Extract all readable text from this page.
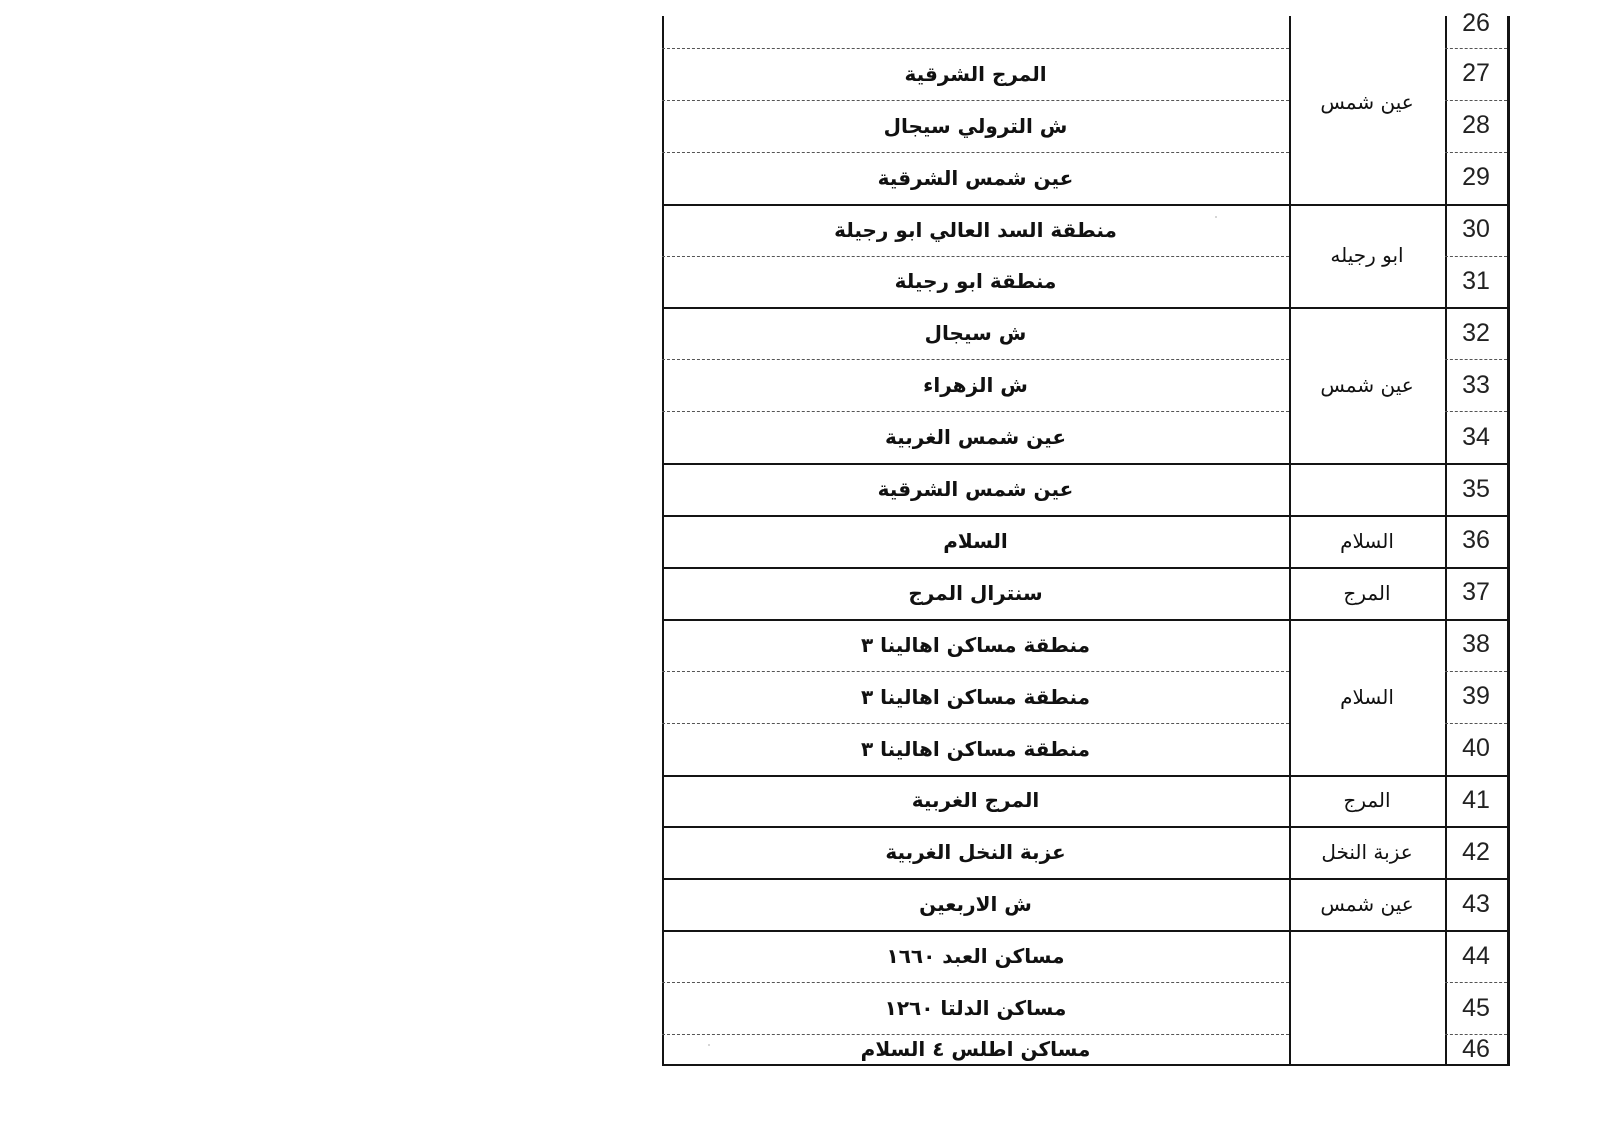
26
27
المرج الشرقية
28
ش الترولي سيجال
29
عين شمس الشرقية
30
منطقة السد العالي ابو رجيلة
31
منطقة ابو رجيلة
32
ش سيجال
33
ش الزهراء
34
عين شمس الغربية
35
عين شمس الشرقية
36
السلام
37
سنترال المرج
38
منطقة مساكن اهالينا ٣
39
منطقة مساكن اهالينا ٣
40
منطقة مساكن اهالينا ٣
41
المرج الغربية
42
عزبة النخل الغربية
43
ش الاربعين
44
مساكن العبد ١٦٦٠
45
مساكن الدلتا ١٢٦٠
46
مساكن اطلس ٤ السلام
عين شمس
ابو رجيله
عين شمس
السلام
المرج
السلام
المرج
عزبة النخل
عين شمس
